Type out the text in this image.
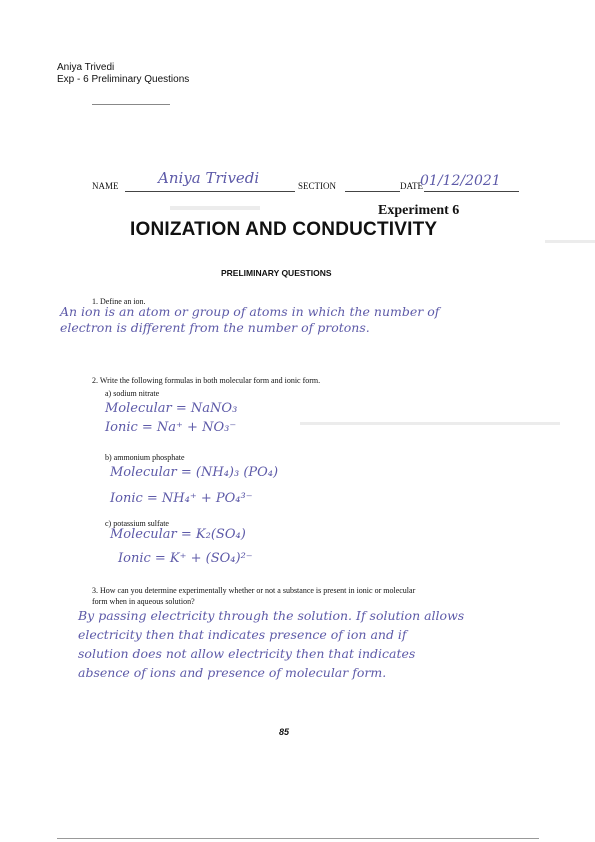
Aniya Trivedi
Exp - 6 Preliminary Questions
NAME	Aniya Trivedi	SECTION	DATE
01/12/2021
Experiment 6
IONIZATION AND CONDUCTIVITY
PRELIMINARY QUESTIONS
1. Define an ion.
An ion is an atom or group of atoms in which the number of
electron is different from the number of protons.
2. Write the following formulas in both molecular form and ionic form.
a) sodium nitrate
Molecular = NaNO₃
Ionic = Na⁺ + NO₃⁻
b) ammonium phosphate
Molecular = (NH₄)₃ (PO₄)
Ionic = NH₄⁺ + PO₄³⁻
c) potassium sulfate
Molecular = K₂(SO₄)
Ionic = K⁺ + (SO₄)²⁻
3. How can you determine experimentally whether or not a substance is present in ionic or molecular
form when in aqueous solution?
By passing electricity through the solution. If solution allows
electricity then that indicates presence of ion and if
solution does not allow electricity then that indicates
absence of ions and presence of molecular form.
85
